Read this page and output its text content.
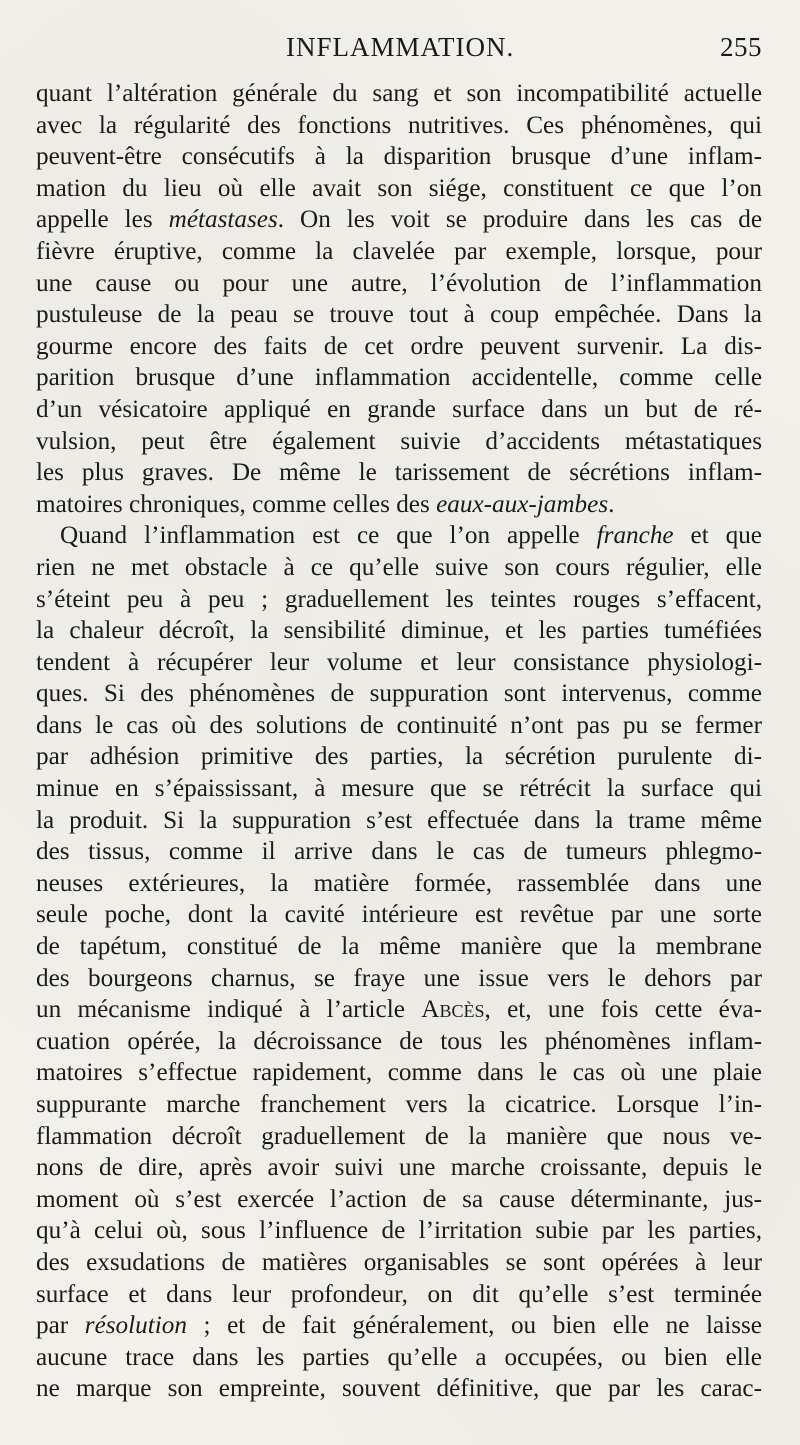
INFLAMMATION.	255
quant l’altération générale du sang et son incompatibilité actuelle
avec la régularité des fonctions nutritives. Ces phénomènes, qui
peuvent-être consécutifs à la disparition brusque d’une inflam-
mation du lieu où elle avait son siége, constituent ce que l’on
appelle les métastases. On les voit se produire dans les cas de
fièvre éruptive, comme la clavelée par exemple, lorsque, pour
une cause ou pour une autre, l’évolution de l’inflammation
pustuleuse de la peau se trouve tout à coup empêchée. Dans la
gourme encore des faits de cet ordre peuvent survenir. La dis-
parition brusque d’une inflammation accidentelle, comme celle
d’un vésicatoire appliqué en grande surface dans un but de ré-
vulsion, peut être également suivie d’accidents métastatiques
les plus graves. De même le tarissement de sécrétions inflam-
matoires chroniques, comme celles des eaux-aux-jambes.
Quand l’inflammation est ce que l’on appelle franche et que
rien ne met obstacle à ce qu’elle suive son cours régulier, elle
s’éteint peu à peu ; graduellement les teintes rouges s’effacent,
la chaleur décroît, la sensibilité diminue, et les parties tuméfiées
tendent à récupérer leur volume et leur consistance physiologi-
ques. Si des phénomènes de suppuration sont intervenus, comme
dans le cas où des solutions de continuité n’ont pas pu se fermer
par adhésion primitive des parties, la sécrétion purulente di-
minue en s’épaississant, à mesure que se rétrécit la surface qui
la produit. Si la suppuration s’est effectuée dans la trame même
des tissus, comme il arrive dans le cas de tumeurs phlegmo-
neuses extérieures, la matière formée, rassemblée dans une
seule poche, dont la cavité intérieure est revêtue par une sorte
de tapétum, constitué de la même manière que la membrane
des bourgeons charnus, se fraye une issue vers le dehors par
un mécanisme indiqué à l’article Abcès, et, une fois cette éva-
cuation opérée, la décroissance de tous les phénomènes inflam-
matoires s’effectue rapidement, comme dans le cas où une plaie
suppurante marche franchement vers la cicatrice. Lorsque l’in-
flammation décroît graduellement de la manière que nous ve-
nons de dire, après avoir suivi une marche croissante, depuis le
moment où s’est exercée l’action de sa cause déterminante, jus-
qu’à celui où, sous l’influence de l’irritation subie par les parties,
des exsudations de matières organisables se sont opérées à leur
surface et dans leur profondeur, on dit qu’elle s’est terminée
par résolution ; et de fait généralement, ou bien elle ne laisse
aucune trace dans les parties qu’elle a occupées, ou bien elle
ne marque son empreinte, souvent définitive, que par les carac-
